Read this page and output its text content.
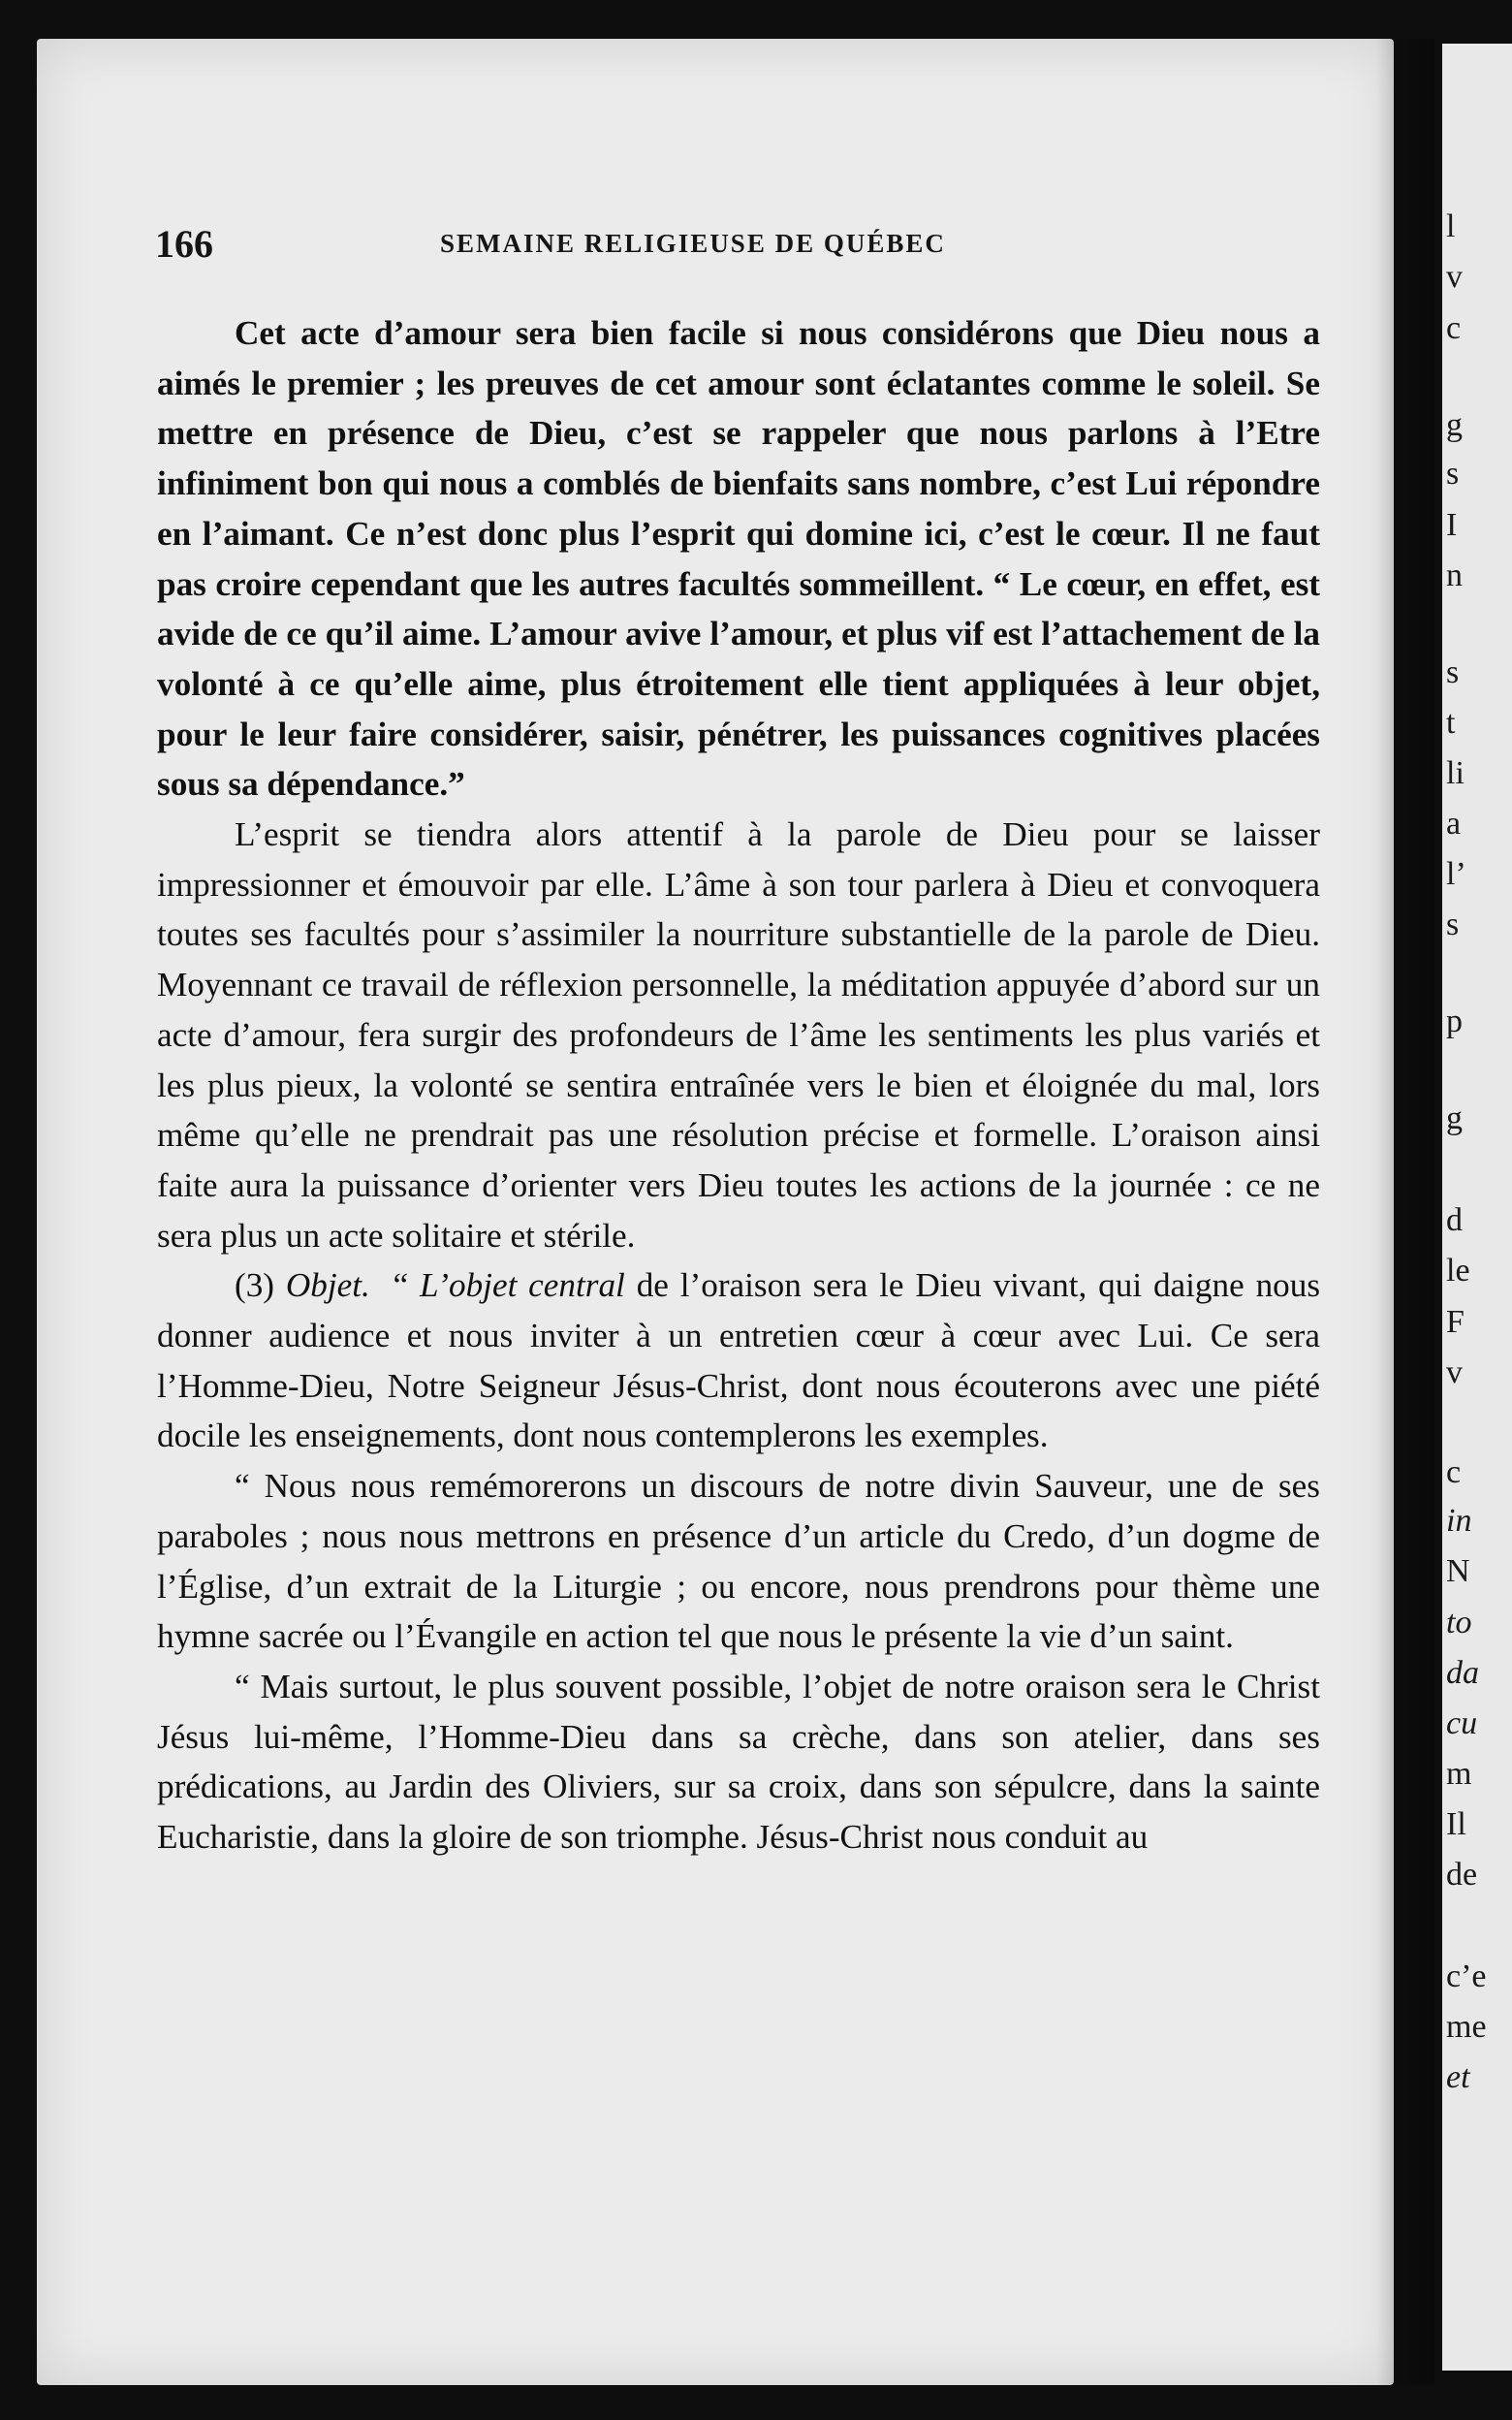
l
v
c
g
s
I
n
s
t
li
a
l’
s
p
g
d
le
F
v
c
in
N
to
da
cu
m
Il
de
c’e
me
et
166	SEMAINE RELIGIEUSE DE QUÉBEC

Cet acte d’amour sera bien facile si nous considérons que Dieu nous a aimés le premier ; les preuves de cet amour sont éclatantes comme le soleil. Se mettre en présence de Dieu, c’est se rappeler que nous parlons à l’Etre infiniment bon qui nous a comblés de bienfaits sans nombre, c’est Lui répondre en l’aimant. Ce n’est donc plus l’esprit qui domine ici, c’est le cœur. Il ne faut pas croire cependant que les autres facultés sommeillent. “ Le cœur, en effet, est avide de ce qu’il aime. L’amour avive l’amour, et plus vif est l’attachement de la volonté à ce qu’elle aime, plus étroitement elle tient appliquées à leur objet, pour le leur faire considérer, saisir, pénétrer, les puissances cognitives placées sous sa dépendance.”

L’esprit se tiendra alors attentif à la parole de Dieu pour se laisser impressionner et émouvoir par elle. L’âme à son tour parlera à Dieu et convoquera toutes ses facultés pour s’assimiler la nourriture substantielle de la parole de Dieu. Moyennant ce travail de réflexion personnelle, la méditation appuyée d’abord sur un acte d’amour, fera surgir des profondeurs de l’âme les sentiments les plus variés et les plus pieux, la volonté se sentira entraînée vers le bien et éloignée du mal, lors même qu’elle ne prendrait pas une résolution précise et formelle. L’oraison ainsi faite aura la puissance d’orienter vers Dieu toutes les actions de la journée : ce ne sera plus un acte solitaire et stérile.

(3) Objet. “ L’objet central de l’oraison sera le Dieu vivant, qui daigne nous donner audience et nous inviter à un entretien cœur à cœur avec Lui. Ce sera l’Homme-Dieu, Notre Seigneur Jésus-Christ, dont nous écouterons avec une piété docile les enseignements, dont nous contemplerons les exemples.

“ Nous nous remémorerons un discours de notre divin Sauveur, une de ses paraboles ; nous nous mettrons en présence d’un article du Credo, d’un dogme de l’Église, d’un extrait de la Liturgie ; ou encore, nous prendrons pour thème une hymne sacrée ou l’Évangile en action tel que nous le présente la vie d’un saint.

“ Mais surtout, le plus souvent possible, l’objet de notre oraison sera le Christ Jésus lui-même, l’Homme-Dieu dans sa crèche, dans son atelier, dans ses prédications, au Jardin des Oliviers, sur sa croix, dans son sépulcre, dans la sainte Eucharistie, dans la gloire de son triomphe. Jésus-Christ nous conduit au
